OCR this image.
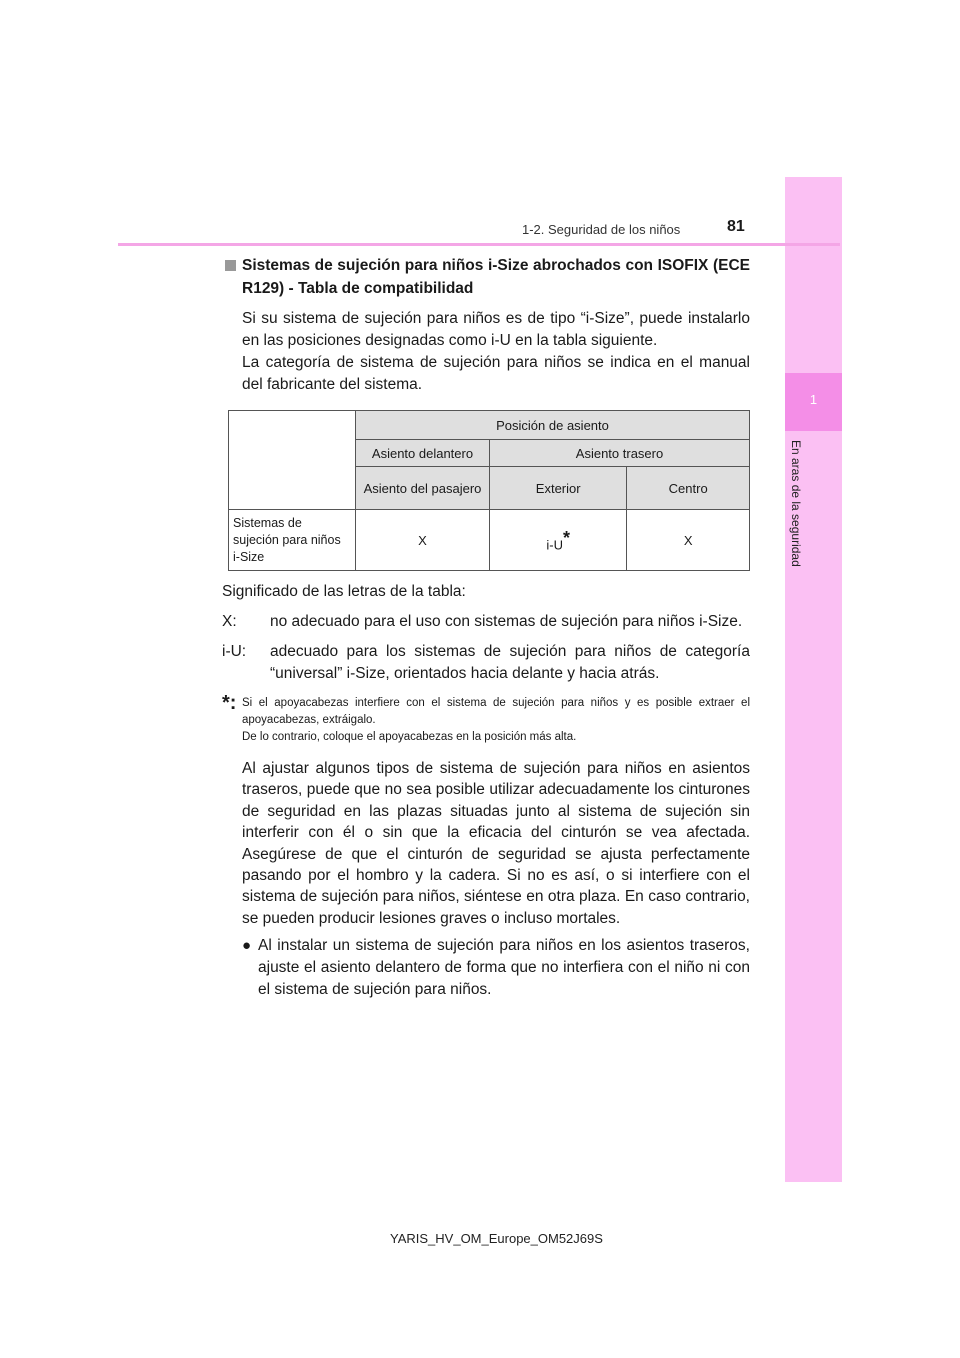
1
En aras de la seguridad
1-2. Seguridad de los niños	81
Sistemas de sujeción para niños i-Size abrochados con ISOFIX (ECE R129) - Tabla de compatibilidad

Si su sistema de sujeción para niños es de tipo “i-Size”, puede instalarlo en las posiciones designadas como i-U en la tabla siguiente.

La categoría de sistema de sujeción para niños se indica en el manual del fabricante del sistema.

	Posición de asiento		
	Asiento delantero	Asiento trasero	
	Asiento del pasajero	Exterior	Centro
Sistemas de sujeción para niños i-Size	X	i-U*	X
Significado de las letras de la tabla:
X:	no adecuado para el uso con sistemas de sujeción para niños i-Size.
i-U:	adecuado para los sistemas de sujeción para niños de categoría “universal” i-Size, orientados hacia delante y hacia atrás.
*: Si el apoyacabezas interfiere con el sistema de sujeción para niños y es posible extraer el apoyacabezas, extráigalo.

De lo contrario, coloque el apoyacabezas en la posición más alta.

Al ajustar algunos tipos de sistema de sujeción para niños en asientos traseros, puede que no sea posible utilizar adecuadamente los cinturones de seguridad en las plazas situadas junto al sistema de sujeción sin interferir con él o sin que la eficacia del cinturón se vea afectada. Asegúrese de que el cinturón de seguridad se ajusta perfectamente pasando por el hombro y la cadera. Si no es así, o si interfiere con el sistema de sujeción para niños, siéntese en otra plaza. En caso contrario, se pueden producir lesiones graves o incluso mortales.
● Al instalar un sistema de sujeción para niños en los asientos traseros, ajuste el asiento delantero de forma que no interfiera con el niño ni con el sistema de sujeción para niños.
YARIS_HV_OM_Europe_OM52J69S
